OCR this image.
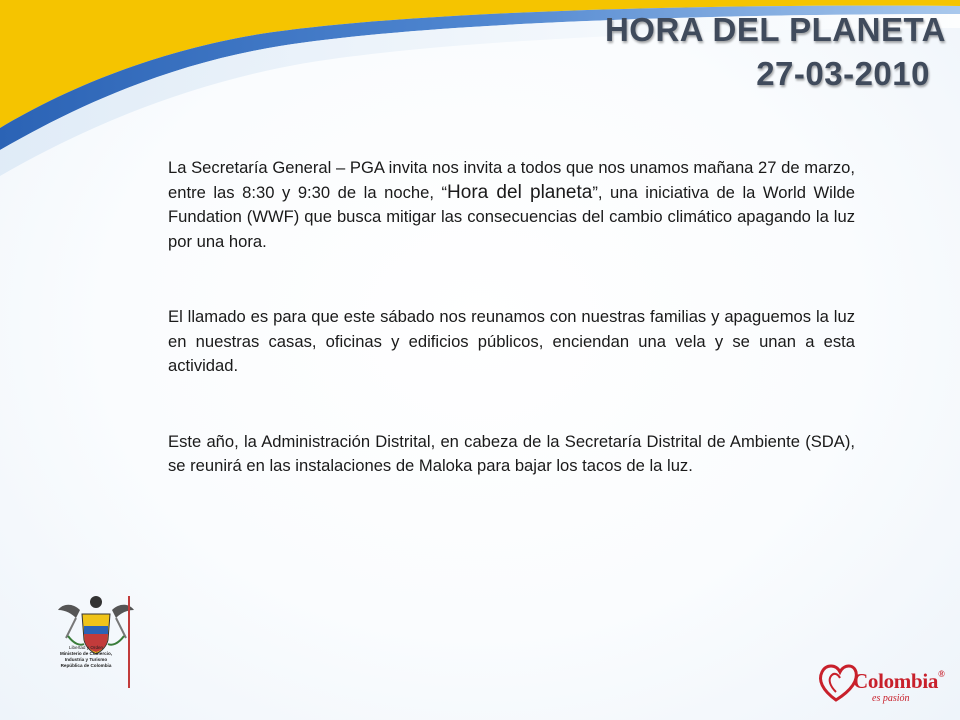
HORA DEL PLANETA
27-03-2010

La Secretaría General – PGA invita nos invita a todos que nos unamos mañana 27 de marzo, entre las 8:30 y 9:30 de la noche, “Hora del planeta”, una iniciativa de la World Wilde Fundation (WWF) que busca mitigar las consecuencias del cambio climático apagando la luz por una hora.

El llamado es para que este sábado nos reunamos con nuestras familias y apaguemos la luz en nuestras casas, oficinas y edificios públicos, enciendan una vela y se unan a esta actividad.

Este año, la Administración Distrital, en cabeza de la Secretaría Distrital de Ambiente (SDA), se reunirá en las instalaciones de Maloka para bajar los tacos de la luz.

Libertad y Orden
Ministerio de Comercio,
Industria y Turismo
República de Colombia
Colombia®
es pasión
